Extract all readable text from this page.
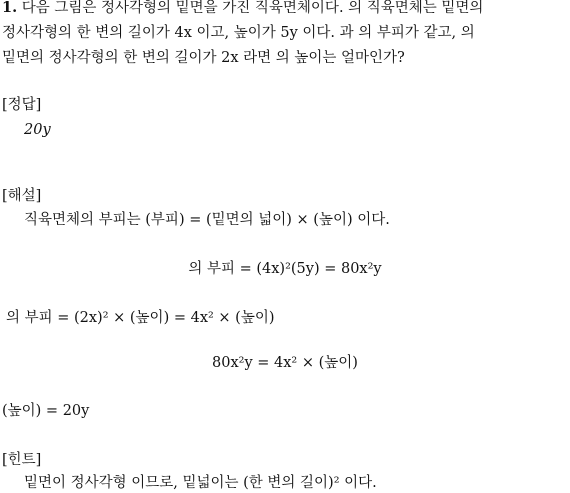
1. 다음 그림은 정사각형의 밑면을 가진 직육면체이다. 의 직육면체는 밑면의
정사각형의 한 변의 길이가 4x 이고, 높이가 5y 이다. 과 의 부피가 같고, 의
밑면의 정사각형의 한 변의 길이가 2x 라면 의 높이는 얼마인가?
[정답]
20y
[해설]
직육면체의 부피는 (부피) = (밑면의 넓이) × (높이) 이다.
의 부피 = (4x)²(5y) = 80x²y
의 부피 = (2x)² × (높이) = 4x² × (높이)
80x²y = 4x² × (높이)
(높이) = 20y
[힌트]
밑면이 정사각형 이므로, 밑넓이는 (한 변의 길이)² 이다.
